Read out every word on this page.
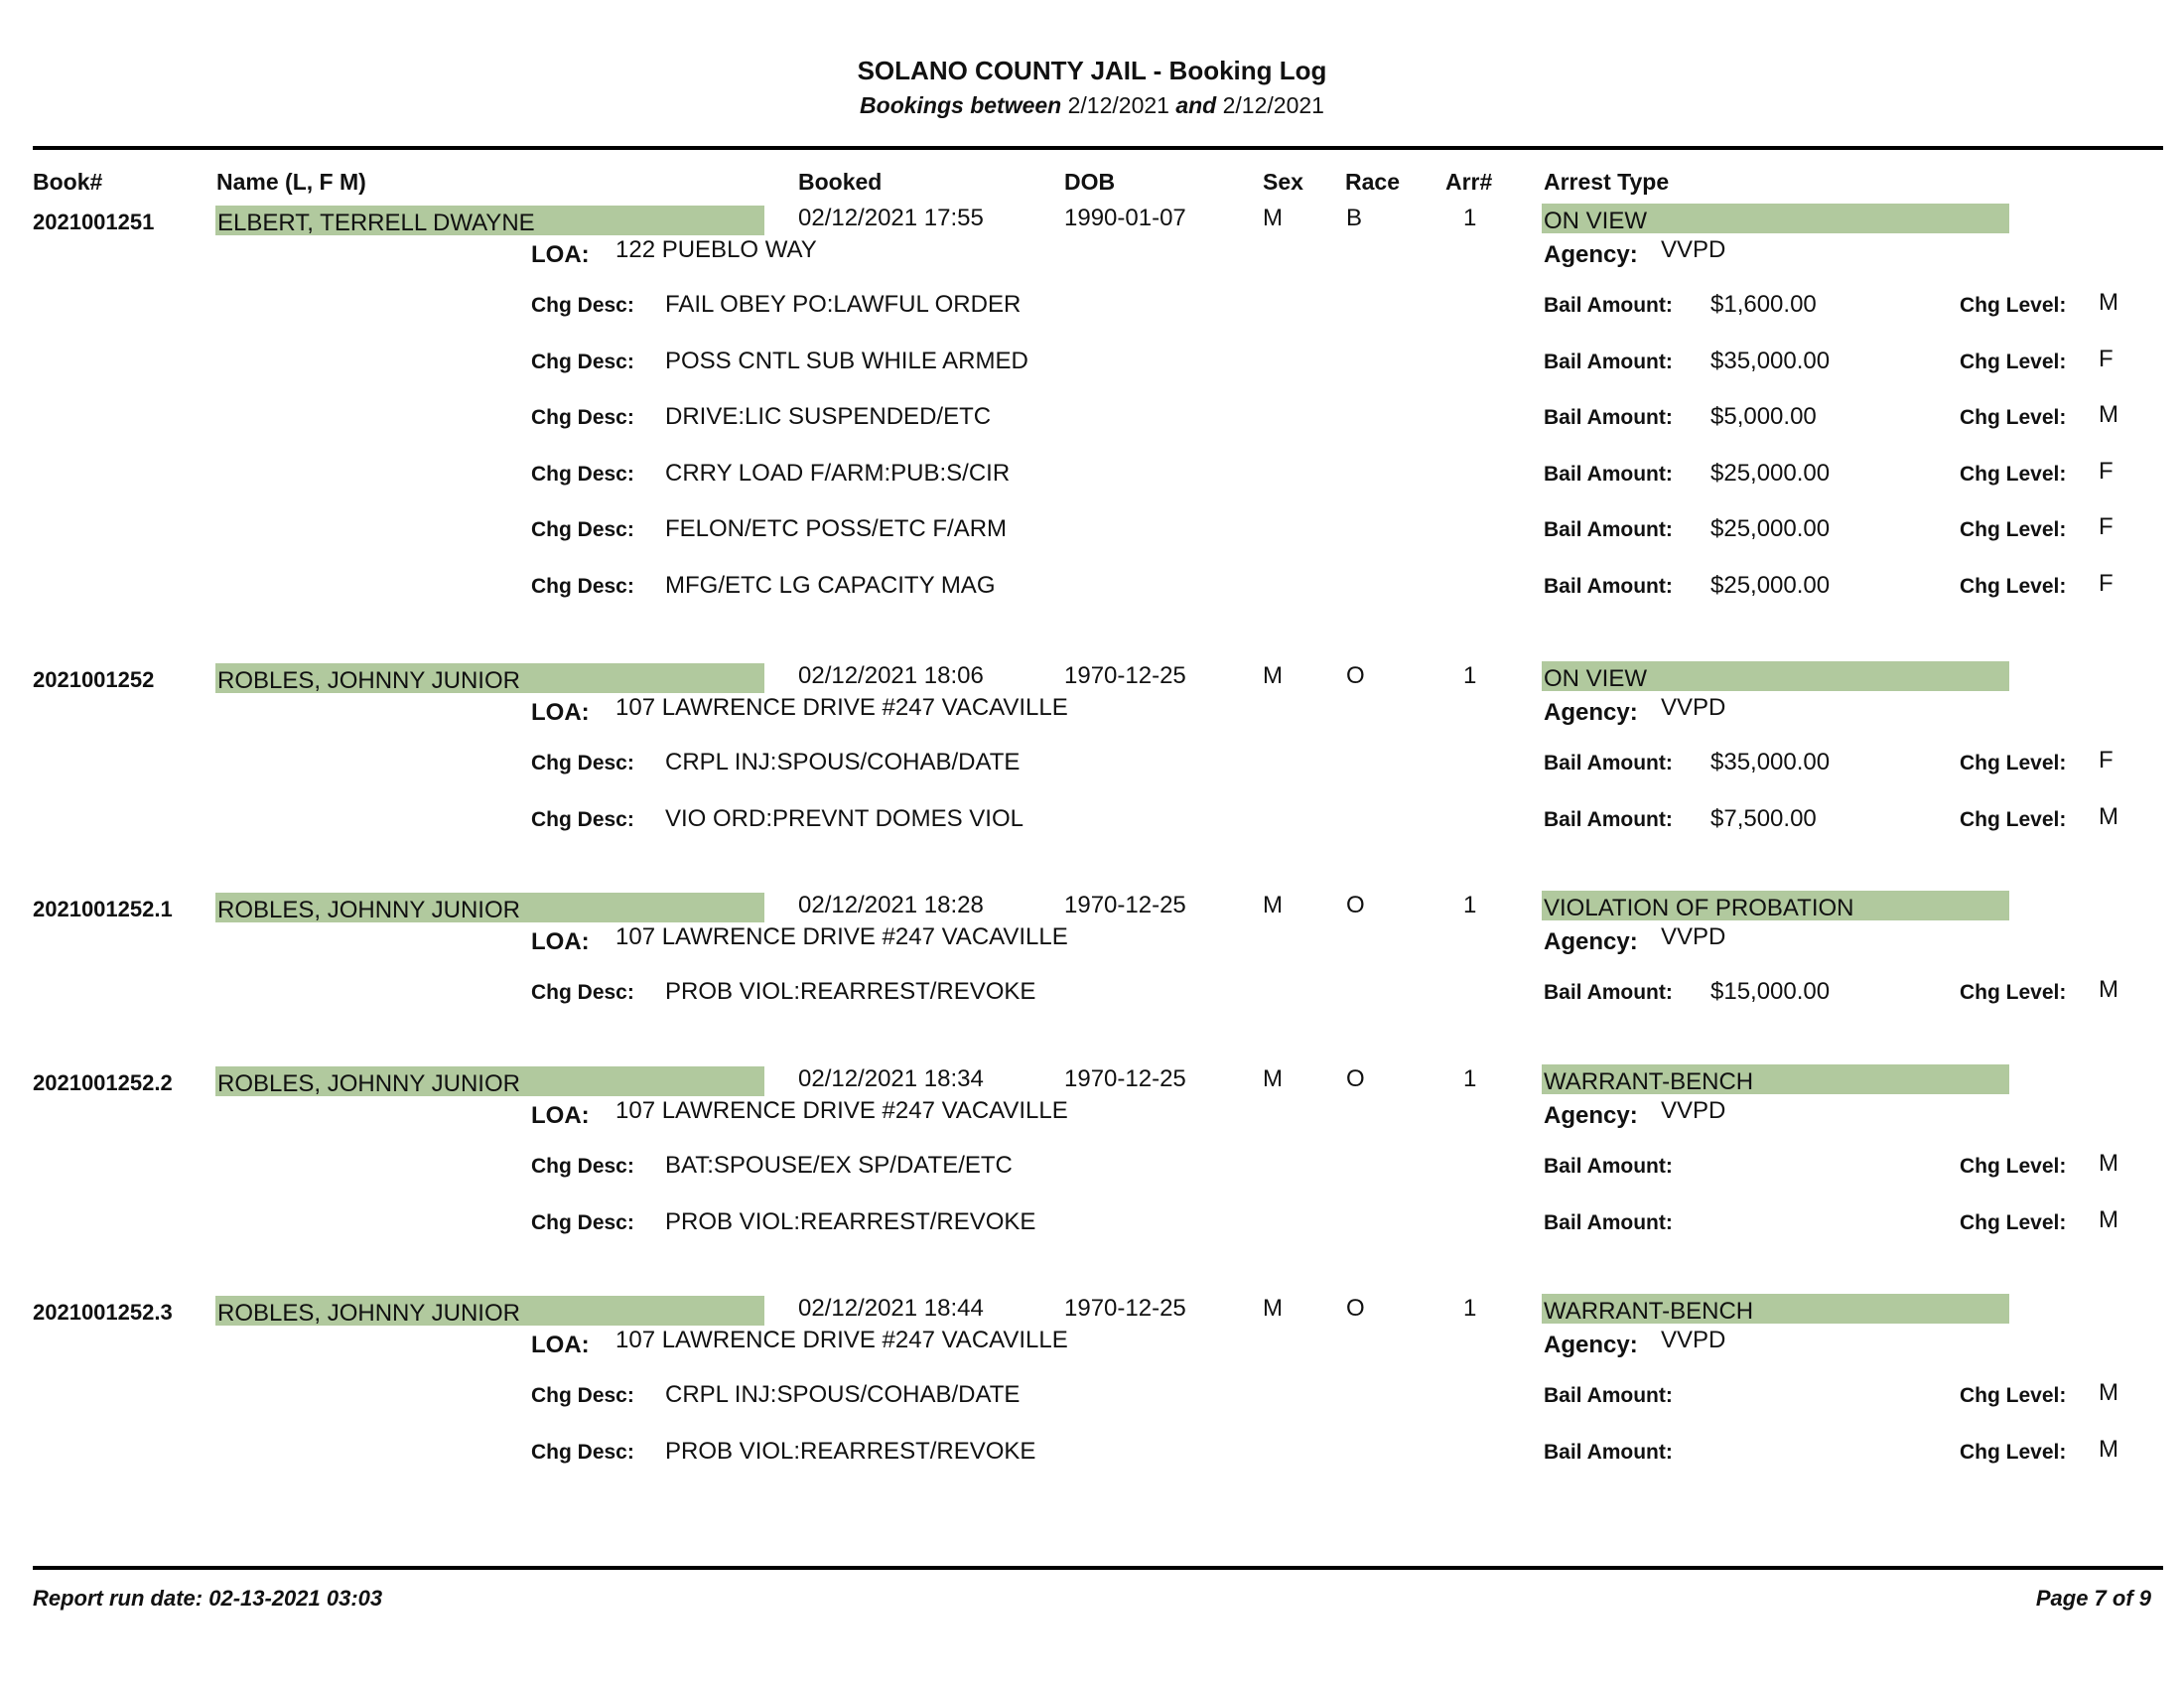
SOLANO COUNTY JAIL - Booking Log
Bookings between 2/12/2021 and 2/12/2021
Book#	Name (L, F M)	Booked	DOB	Sex Race Arr# Arrest Type
2021001251	ELBERT, TERRELL DWAYNE	02/12/2021 17:55	1990-01-07	M	B	1	ON VIEW
LOA: 122 PUEBLO WAY	Agency: VVPD
Chg Desc: FAIL OBEY PO:LAWFUL ORDER	Bail Amount: $1,600.00	Chg Level: M
Chg Desc: POSS CNTL SUB WHILE ARMED	Bail Amount: $35,000.00	Chg Level: F
Chg Desc: DRIVE:LIC SUSPENDED/ETC	Bail Amount: $5,000.00	Chg Level: M
Chg Desc: CRRY LOAD F/ARM:PUB:S/CIR	Bail Amount: $25,000.00	Chg Level: F
Chg Desc: FELON/ETC POSS/ETC F/ARM	Bail Amount: $25,000.00	Chg Level: F
Chg Desc: MFG/ETC LG CAPACITY MAG	Bail Amount: $25,000.00	Chg Level: F
2021001252	ROBLES, JOHNNY JUNIOR	02/12/2021 18:06	1970-12-25	M	O	1	ON VIEW
LOA: 107 LAWRENCE DRIVE #247 VACAVILLE	Agency: VVPD
Chg Desc: CRPL INJ:SPOUS/COHAB/DATE	Bail Amount: $35,000.00	Chg Level: F
Chg Desc: VIO ORD:PREVNT DOMES VIOL	Bail Amount: $7,500.00	Chg Level: M
2021001252.1 ROBLES, JOHNNY JUNIOR	02/12/2021 18:28	1970-12-25	M	O	1	VIOLATION OF PROBATION
LOA: 107 LAWRENCE DRIVE #247 VACAVILLE	Agency: VVPD
Chg Desc: PROB VIOL:REARREST/REVOKE	Bail Amount: $15,000.00	Chg Level: M
2021001252.2 ROBLES, JOHNNY JUNIOR	02/12/2021 18:34	1970-12-25	M	O	1	WARRANT-BENCH
LOA: 107 LAWRENCE DRIVE #247 VACAVILLE	Agency: VVPD
Chg Desc: BAT:SPOUSE/EX SP/DATE/ETC	Bail Amount:	Chg Level: M
Chg Desc: PROB VIOL:REARREST/REVOKE	Bail Amount:	Chg Level: M
2021001252.3 ROBLES, JOHNNY JUNIOR	02/12/2021 18:44	1970-12-25	M	O	1	WARRANT-BENCH
LOA: 107 LAWRENCE DRIVE #247 VACAVILLE	Agency: VVPD
Chg Desc: CRPL INJ:SPOUS/COHAB/DATE	Bail Amount:	Chg Level: M
Chg Desc: PROB VIOL:REARREST/REVOKE	Bail Amount:	Chg Level: M
Report run date: 02-13-2021 03:03	Page 7 of 9
